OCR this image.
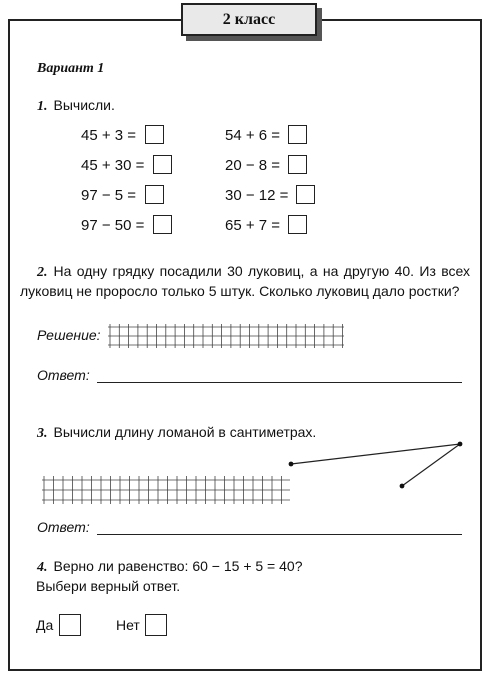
2 класс
Вариант 1
1. Вычисли.
45 + 3 =
45 + 30 =
97 − 5 =
97 − 50 =
54 + 6 =
20 − 8 =
30 − 12 =
65 + 7 =
2. На одну грядку посадили 30 луковиц, а на другую 40. Из всех луковиц не проросло только 5 штук. Сколько луковиц дало ростки?
Решение:
Ответ:
3. Вычисли длину ломаной в сантиметрах.
Ответ:
4. Верно ли равенство: 60 − 15 + 5 = 40?
Выбери верный ответ.
Да	Нет
